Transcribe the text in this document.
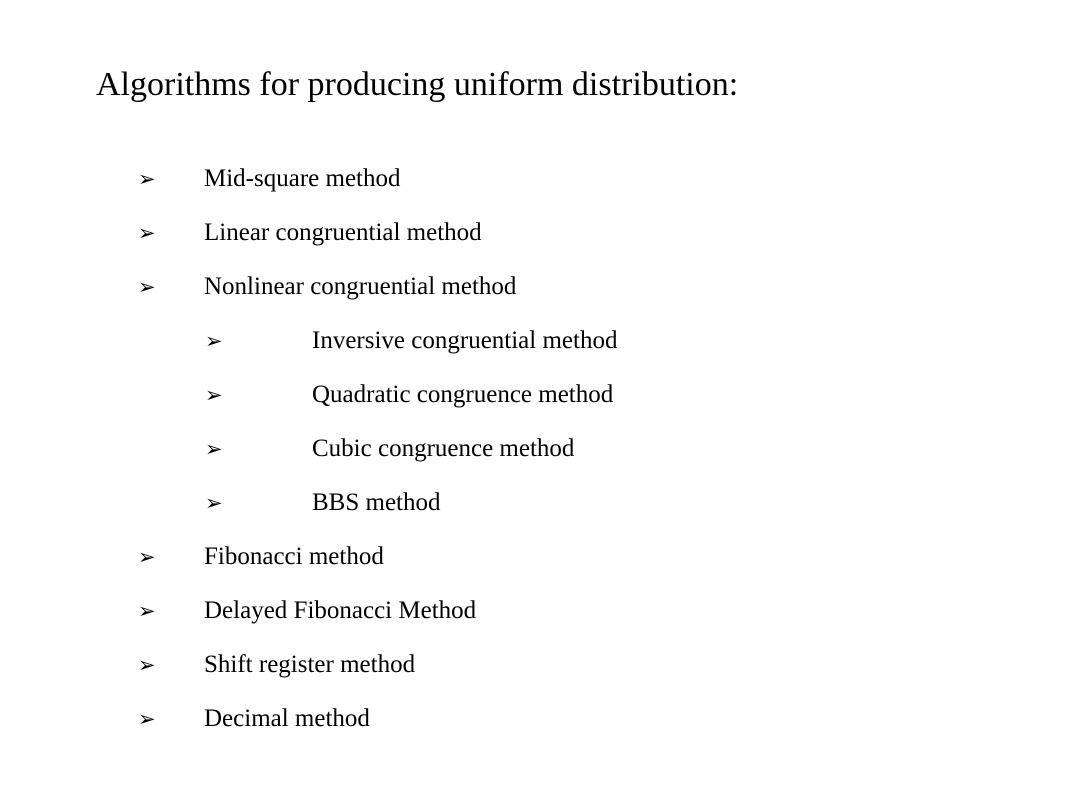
Algorithms for producing uniform distribution:
➢ Mid-square method
➢ Linear congruential method
➢ Nonlinear congruential method
➢	Inversive congruential method
➢	Quadratic congruence method
➢	Cubic congruence method
➢	BBS method
➢ Fibonacci method
➢ Delayed Fibonacci Method
➢ Shift register method
➢ Decimal method
